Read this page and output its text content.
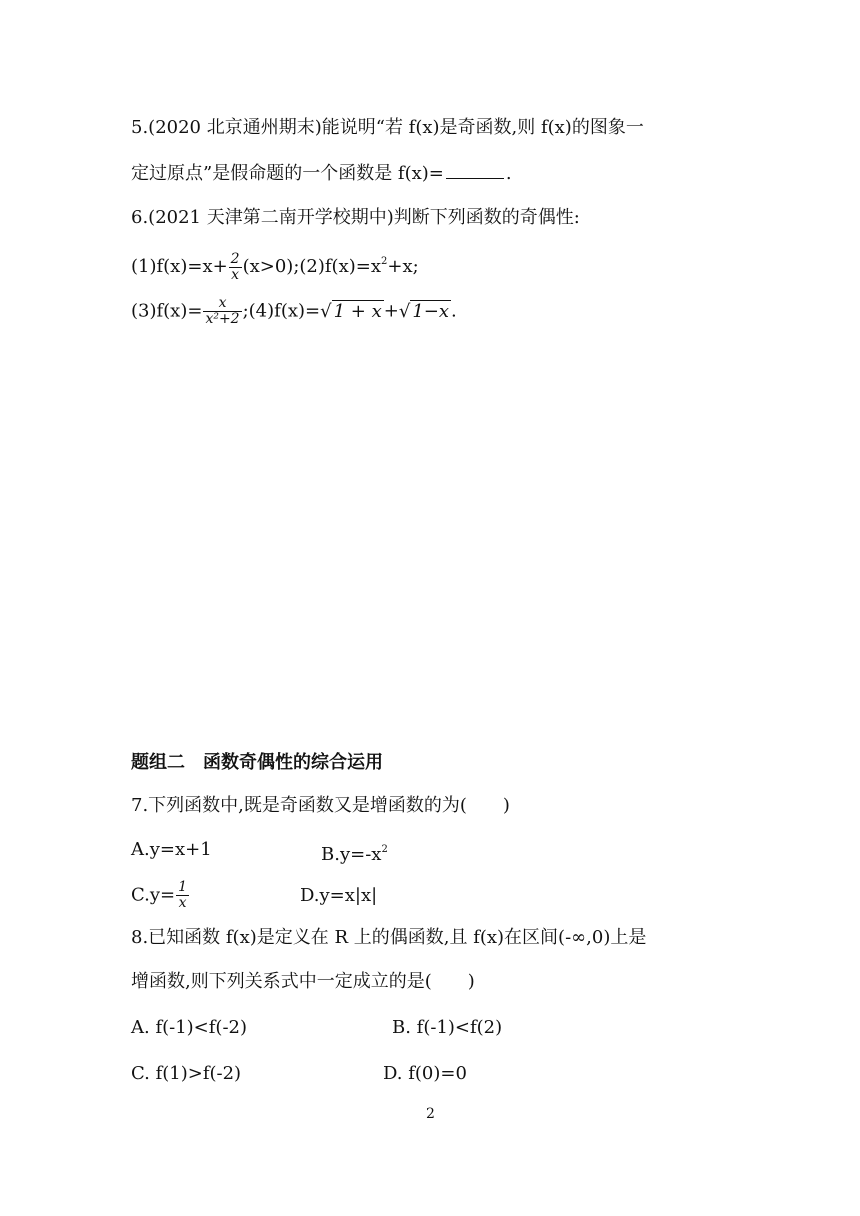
5.(2020 北京通州期末)能说明“若 f(x)是奇函数,则 f(x)的图象一
定过原点”是假命题的一个函数是 f(x)=	.
6.(2021 天津第二南开学校期中)判断下列函数的奇偶性:
$(1)f(x)=x+ \frac{2}{x}$ $(x>0);(2)f(x)=x^2+x$;
$(3)f(x)= \frac{x}{\text{x²+2}}$ ;(4)f(x)=√ 1 + x +√ 1−x .
题组二　函数奇偶性的综合运用
7.下列函数中,既是奇函数又是增函数的为(　　)
A.y=x+1	$B.y=-x^2$
$C.y= \frac{1}{x}$	D.y=x|x|
8.已知函数 f(x)是定义在 R 上的偶函数,且 f(x)在区间(-∞,0)上是
增函数,则下列关系式中一定成立的是(　　)
A. f(-1)<f(-2)	B. f(-1)<f(2)
C. f(1)>f(-2)	D. f(0)=0
2
